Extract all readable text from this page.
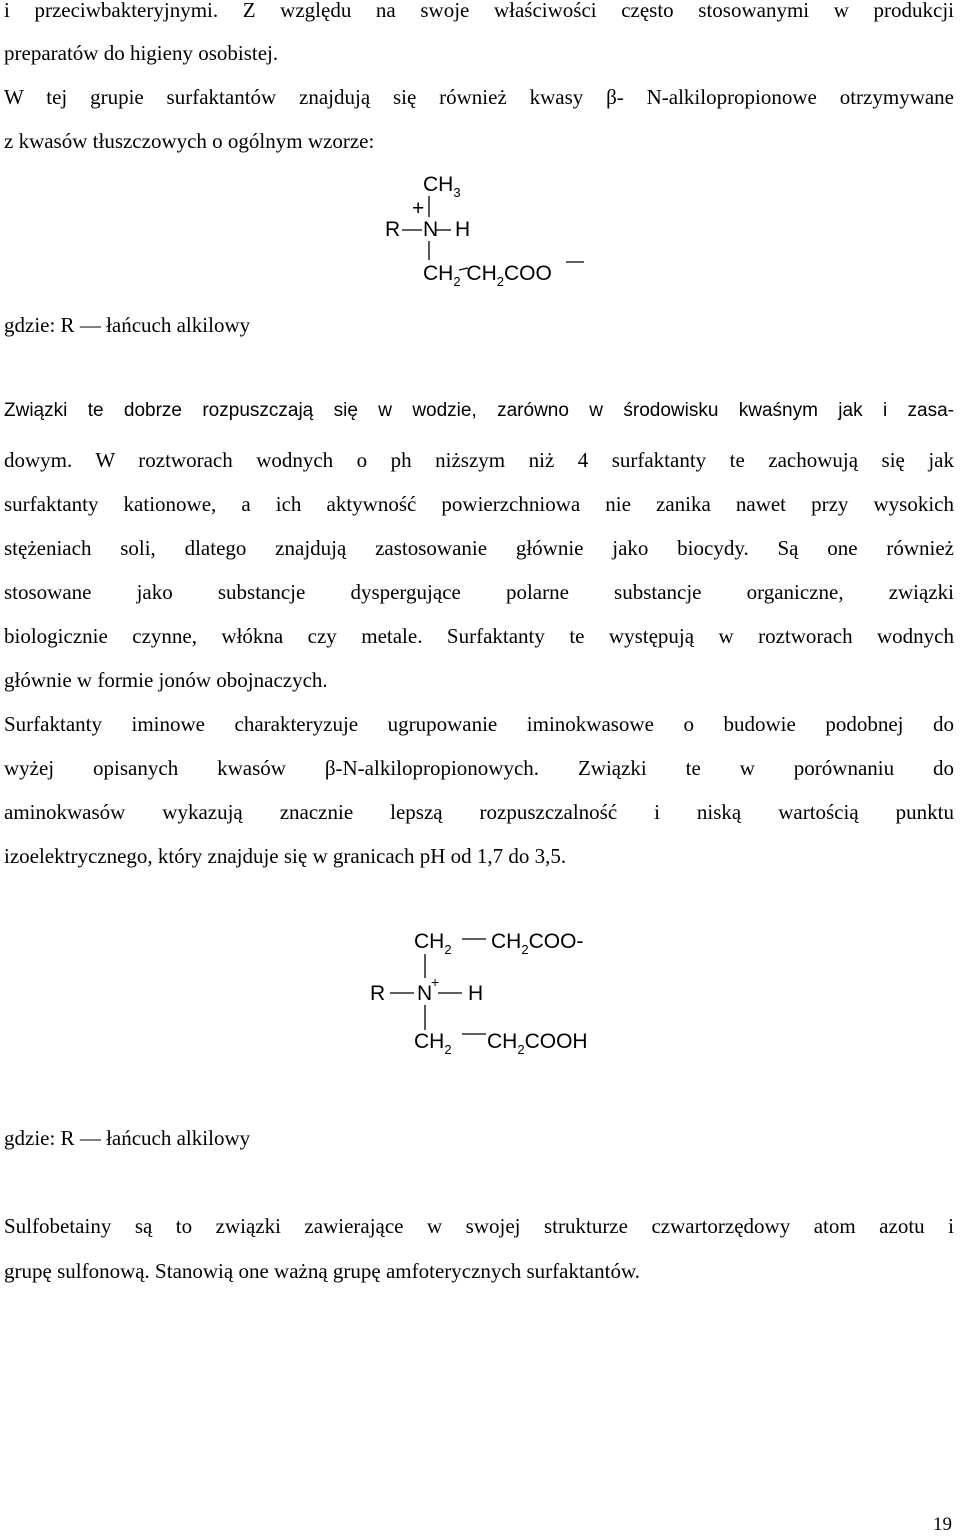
i przeciwbakteryjnymi. Z względu na swoje właściwości często stosowanymi w produkcji

preparatów do higieny osobistej.

W tej grupie surfaktantów znajdują się również kwasy β- N-alkilopropionowe otrzymywane

z kwasów tłuszczowych o ogólnym wzorze:

$CH_3$
+
R N H
$CH_2$ $CH_2COO$

gdzie: R — łańcuch alkilowy

Związki te dobrze rozpuszczają się w wodzie, zarówno w środowisku kwaśnym jak i zasa-

dowym. W roztworach wodnych o ph niższym niż 4 surfaktanty te zachowują się jak

surfaktanty kationowe, a ich aktywność powierzchniowa nie zanika nawet przy wysokich

stężeniach soli, dlatego znajdują zastosowanie głównie jako biocydy. Są one również

stosowane jako substancje dyspergujące polarne substancje organiczne, związki

biologicznie czynne, włókna czy metale. Surfaktanty te występują w roztworach wodnych

głównie w formie jonów obojnaczych.

Surfaktanty iminowe charakteryzuje ugrupowanie iminokwasowe o budowie podobnej do

wyżej opisanych kwasów β-N-alkilopropionowych. Związki te w porównaniu do

aminokwasów wykazują znacznie lepszą rozpuszczalność i niską wartością punktu

izoelektrycznego, który znajduje się w granicach pH od 1,7 do 3,5.

$CH_2$ $CH_2COO-$
R N
+ H
$CH_2$ $CH_2COOH$

gdzie: R — łańcuch alkilowy

Sulfobetainy są to związki zawierające w swojej strukturze czwartorzędowy atom azotu i

grupę sulfonową. Stanowią one ważną grupę amfoterycznych surfaktantów.

19
